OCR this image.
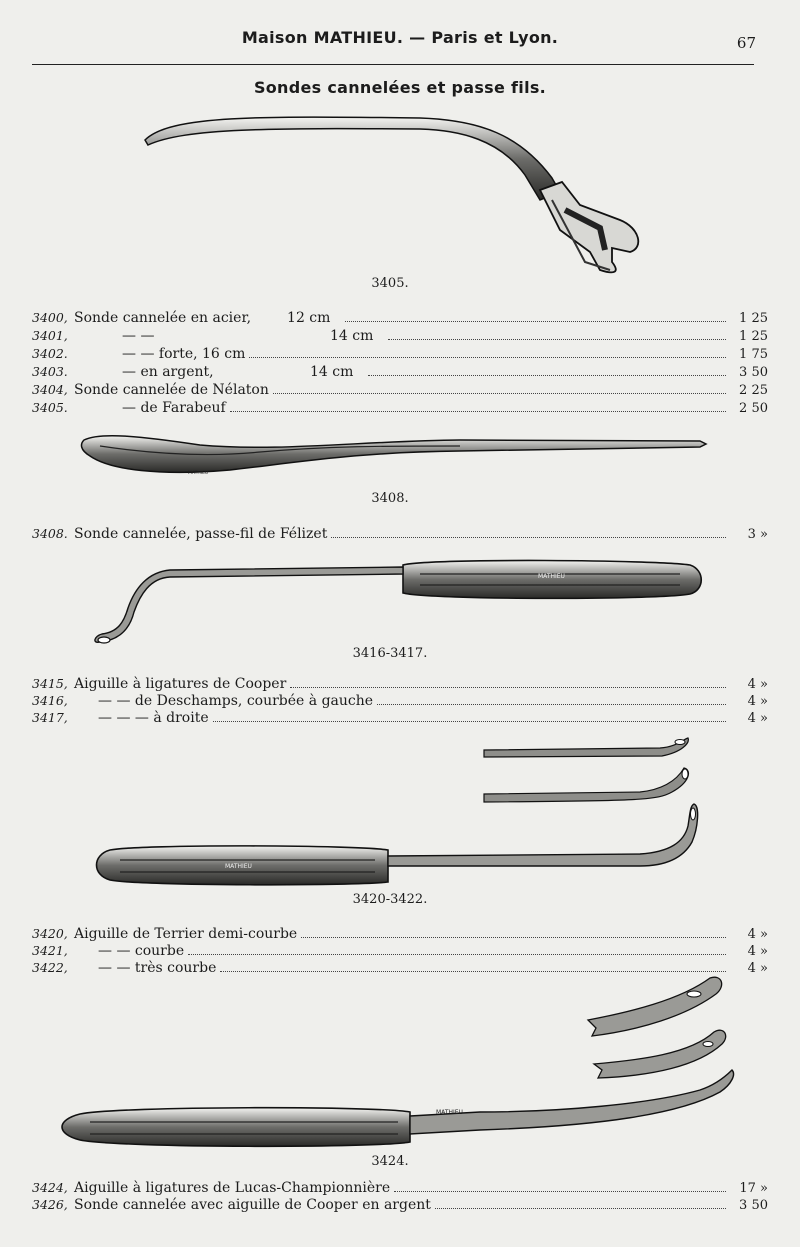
Maison MATHIEU. — Paris et Lyon.	67
Sondes cannelées et passe fils.
MATHIEU
MATHIEU
MATHIEU
MATHIEU
3405.
3408.
3416-3417.
3420-3422.
3424.
3400, Sonde cannelée en acier,	12 cm	1 25
3401,	— —	14 cm	1 25
3402.	— — forte, 16 cm	1 75
3403.	— en argent,	14 cm	3 50
3404, Sonde cannelée de Nélaton	2 25
3405.	— de Farabeuf	2 50
3408. Sonde cannelée, passe-fil de Félizet	3 »
3415, Aiguille à ligatures de Cooper	4 »
3416,	— — de Deschamps, courbée à gauche	4 »
3417,	— — — à droite	4 »
3420, Aiguille de Terrier demi-courbe	4 »
3421,	— — courbe	4 »
3422,	— — très courbe	4 »
3424, Aiguille à ligatures de Lucas-Championnière	17 »
3426, Sonde cannelée avec aiguille de Cooper en argent	3 50
